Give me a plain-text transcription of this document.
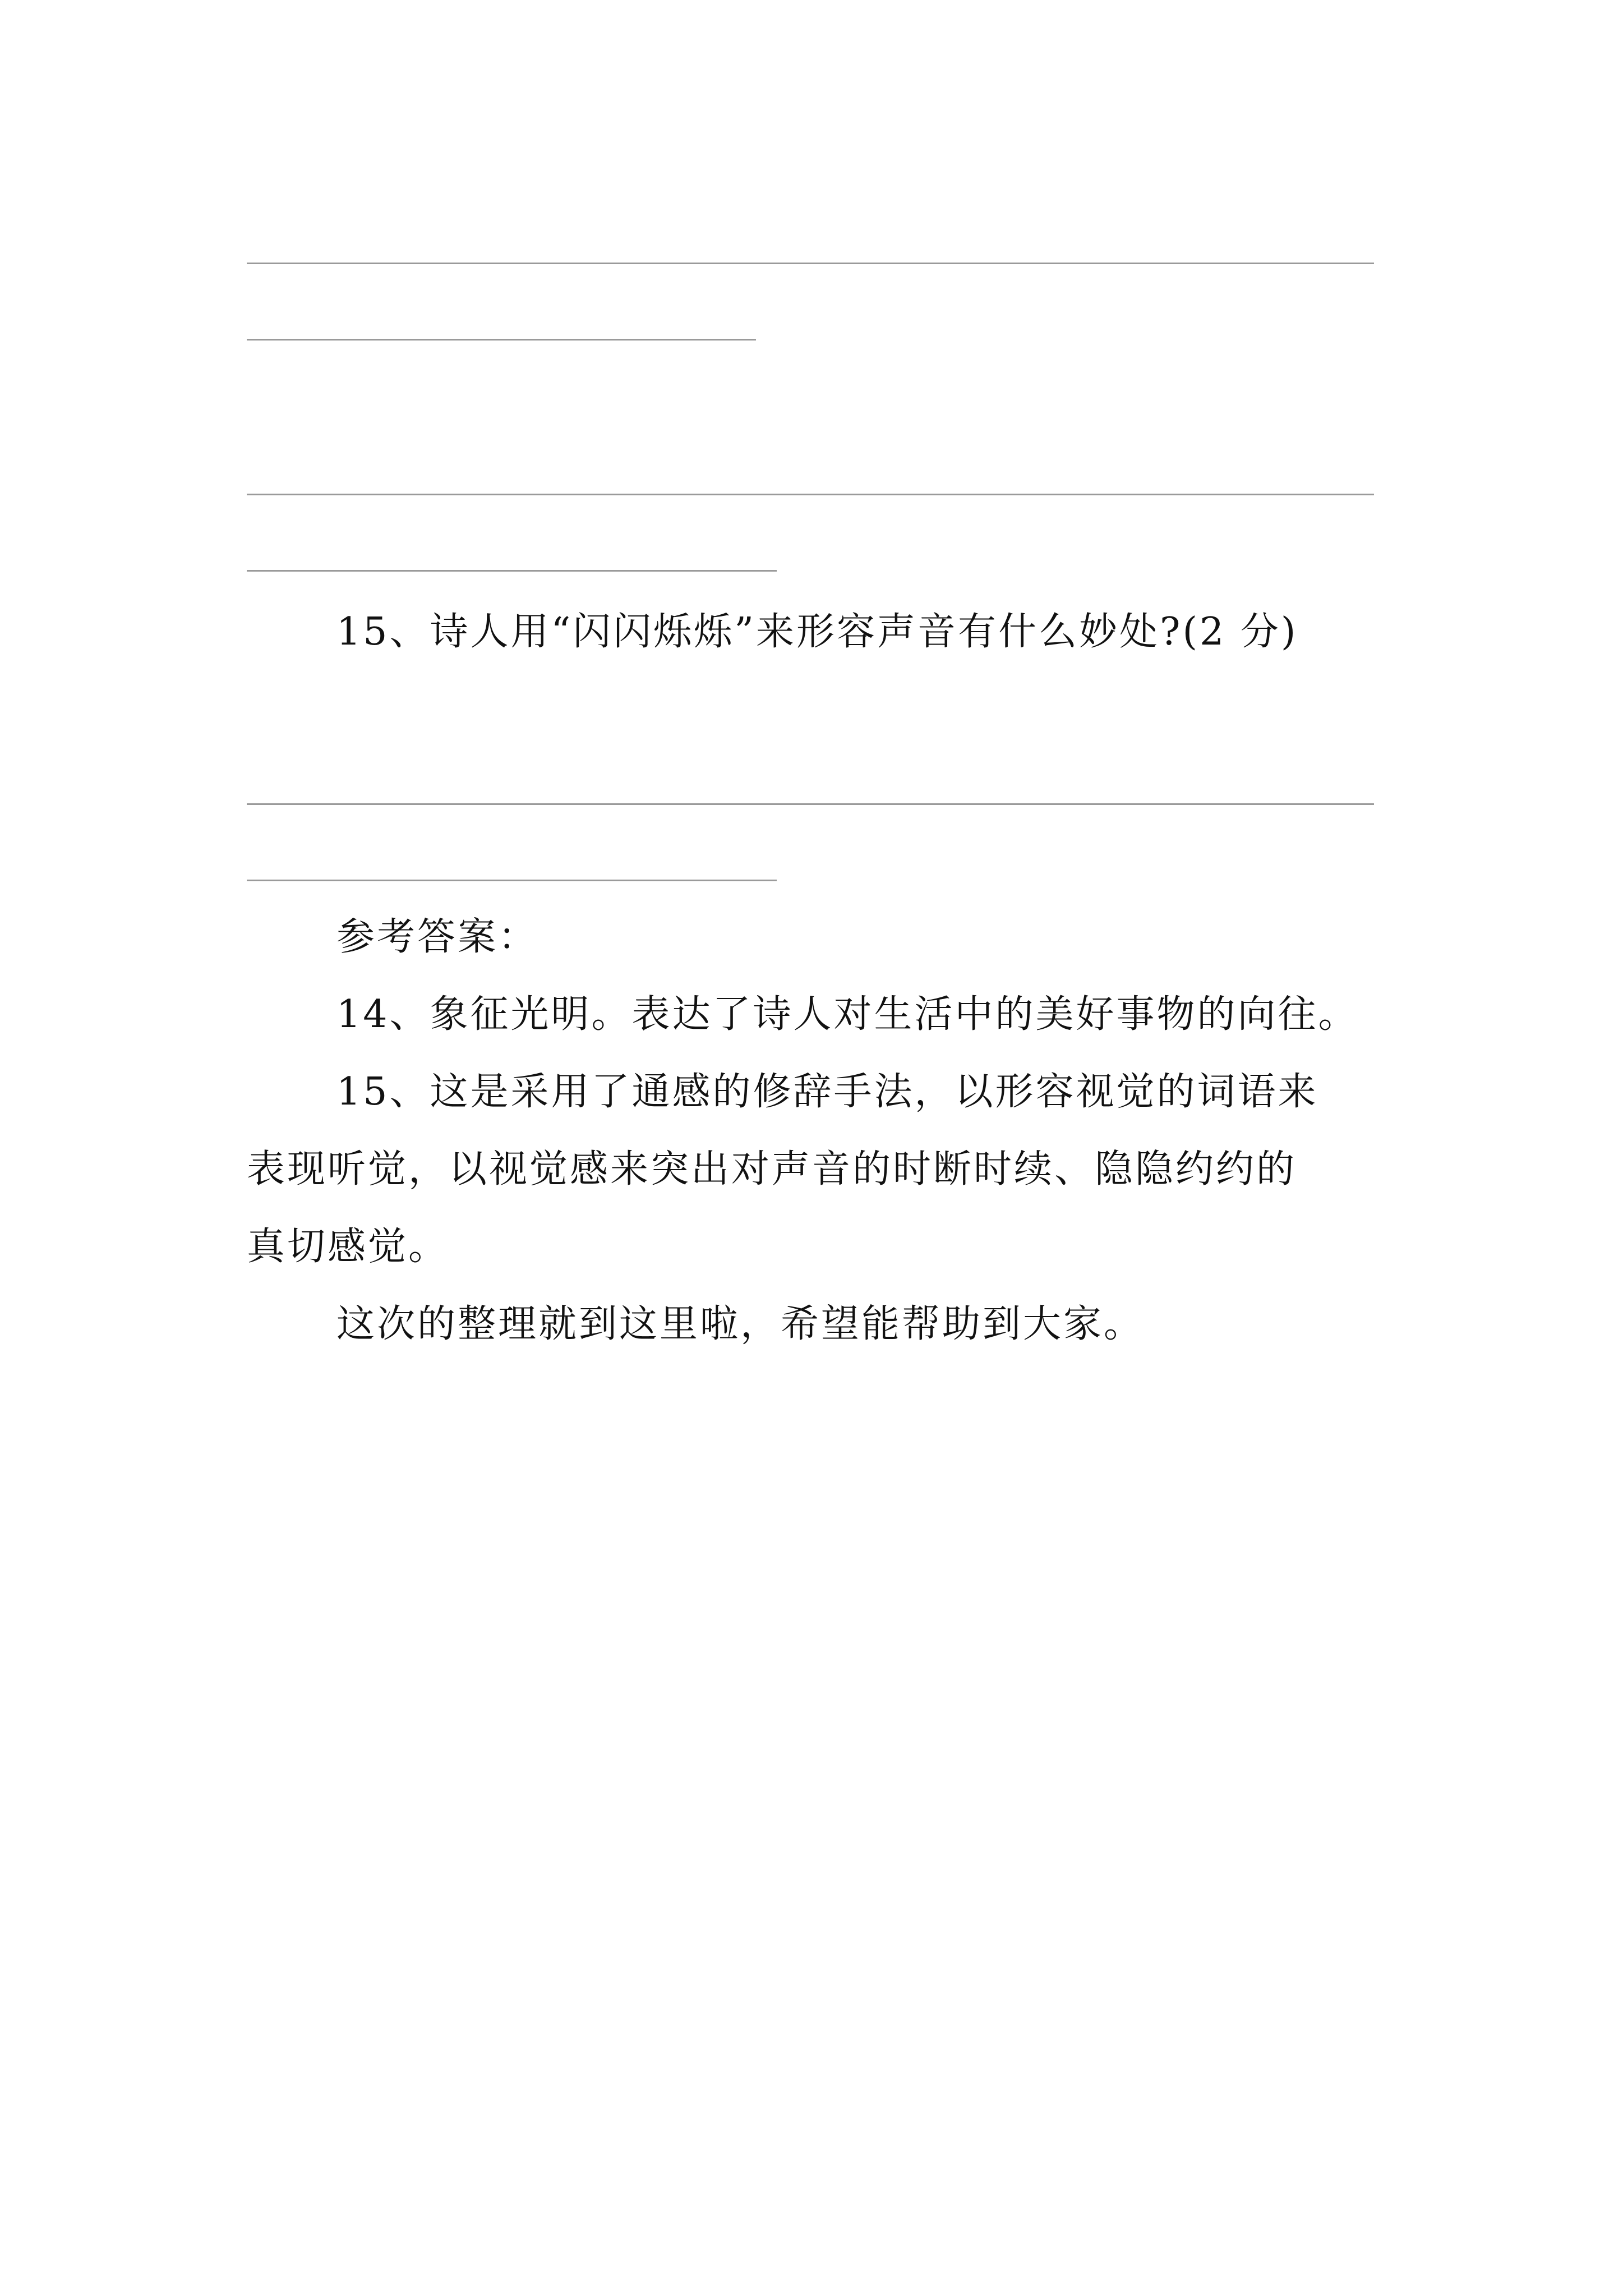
15、诗人用“闪闪烁烁”来形容声音有什么妙处?(2 分)
参考答案：
14、象征光明。表达了诗人对生活中的美好事物的向往。
15、这是采用了通感的修辞手法，以形容视觉的词语来
表现听觉，以视觉感来突出对声音的时断时续、隐隐约约的
真切感觉。
这次的整理就到这里啦，希望能帮助到大家。
